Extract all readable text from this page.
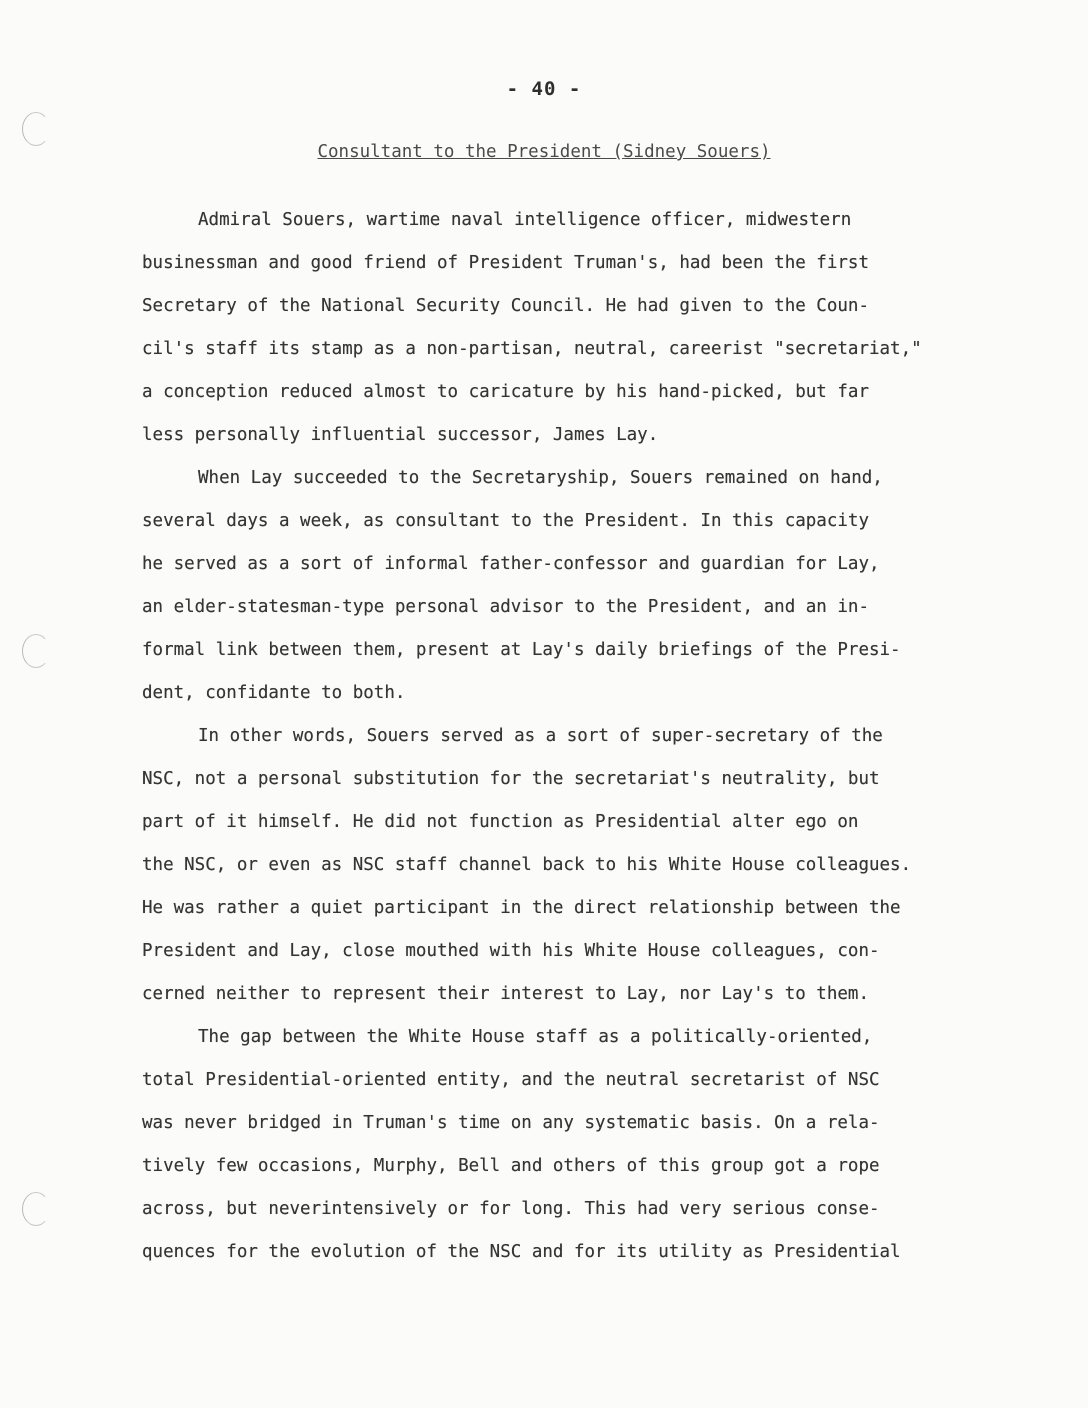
- 40 -
Consultant to the President (Sidney Souers)
Admiral Souers, wartime naval intelligence officer, midwestern
businessman and good friend of President Truman's, had been the first
Secretary of the National Security Council. He had given to the Coun-
cil's staff its stamp as a non-partisan, neutral, careerist "secretariat,"
a conception reduced almost to caricature by his hand-picked, but far
less personally influential successor, James Lay.
When Lay succeeded to the Secretaryship, Souers remained on hand,
several days a week, as consultant to the President. In this capacity
he served as a sort of informal father-confessor and guardian for Lay,
an elder-statesman-type personal advisor to the President, and an in-
formal link between them, present at Lay's daily briefings of the Presi-
dent, confidante to both.
In other words, Souers served as a sort of super-secretary of the
NSC, not a personal substitution for the secretariat's neutrality, but
part of it himself. He did not function as Presidential alter ego on
the NSC, or even as NSC staff channel back to his White House colleagues.
He was rather a quiet participant in the direct relationship between the
President and Lay, close mouthed with his White House colleagues, con-
cerned neither to represent their interest to Lay, nor Lay's to them.
The gap between the White House staff as a politically-oriented,
total Presidential-oriented entity, and the neutral secretarist of NSC
was never bridged in Truman's time on any systematic basis. On a rela-
tively few occasions, Murphy, Bell and others of this group got a rope
across, but neverintensively or for long. This had very serious conse-
quences for the evolution of the NSC and for its utility as Presidential
